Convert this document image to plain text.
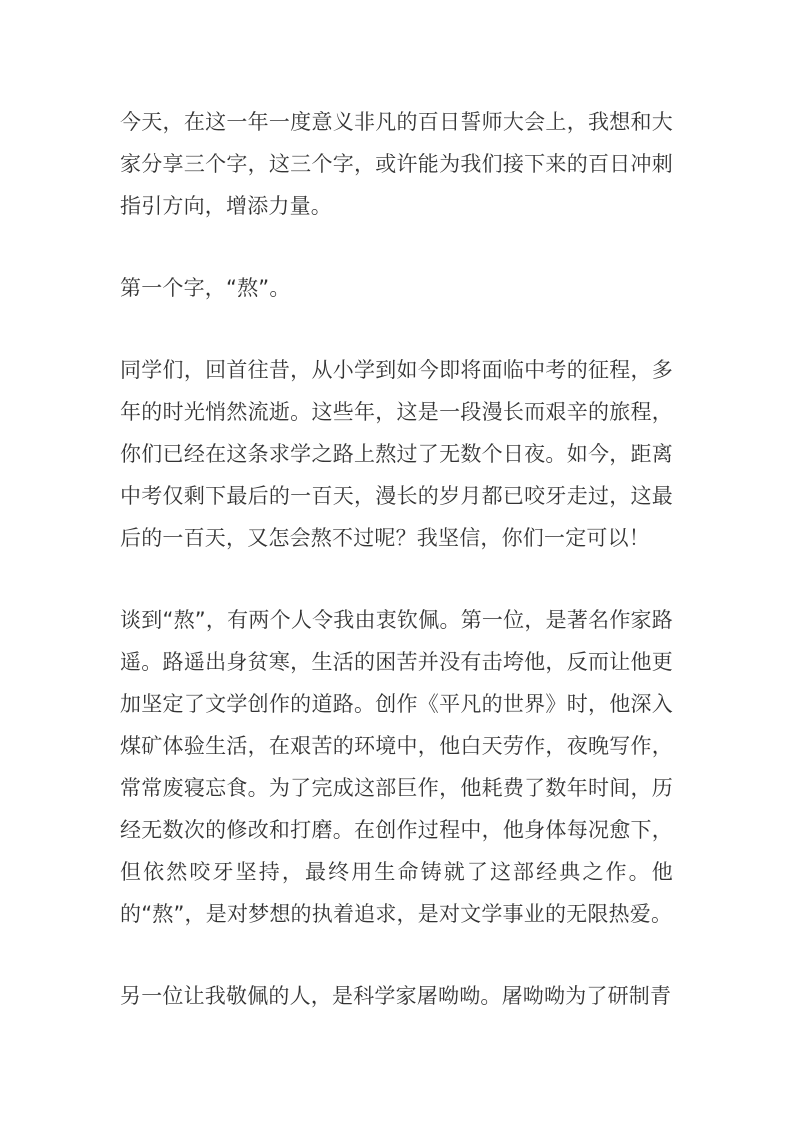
今天，在这一年一度意义非凡的百日誓师大会上，我想和大家分享三个字，这三个字，或许能为我们接下来的百日冲刺指引方向，增添力量。

第一个字，“熬”。

同学们，回首往昔，从小学到如今即将面临中考的征程，多年的时光悄然流逝。这些年，这是一段漫长而艰辛的旅程，你们已经在这条求学之路上熬过了无数个日夜。如今，距离中考仅剩下最后的一百天，漫长的岁月都已咬牙走过，这最后的一百天，又怎会熬不过呢？我坚信，你们一定可以！

谈到“熬”，有两个人令我由衷钦佩。第一位，是著名作家路遥。路遥出身贫寒，生活的困苦并没有击垮他，反而让他更加坚定了文学创作的道路。创作《平凡的世界》时，他深入煤矿体验生活，在艰苦的环境中，他白天劳作，夜晚写作，常常废寝忘食。为了完成这部巨作，他耗费了数年时间，历经无数次的修改和打磨。在创作过程中，他身体每况愈下，但依然咬牙坚持，最终用生命铸就了这部经典之作。他的“熬”，是对梦想的执着追求，是对文学事业的无限热爱。

另一位让我敬佩的人，是科学家屠呦呦。屠呦呦为了研制青
